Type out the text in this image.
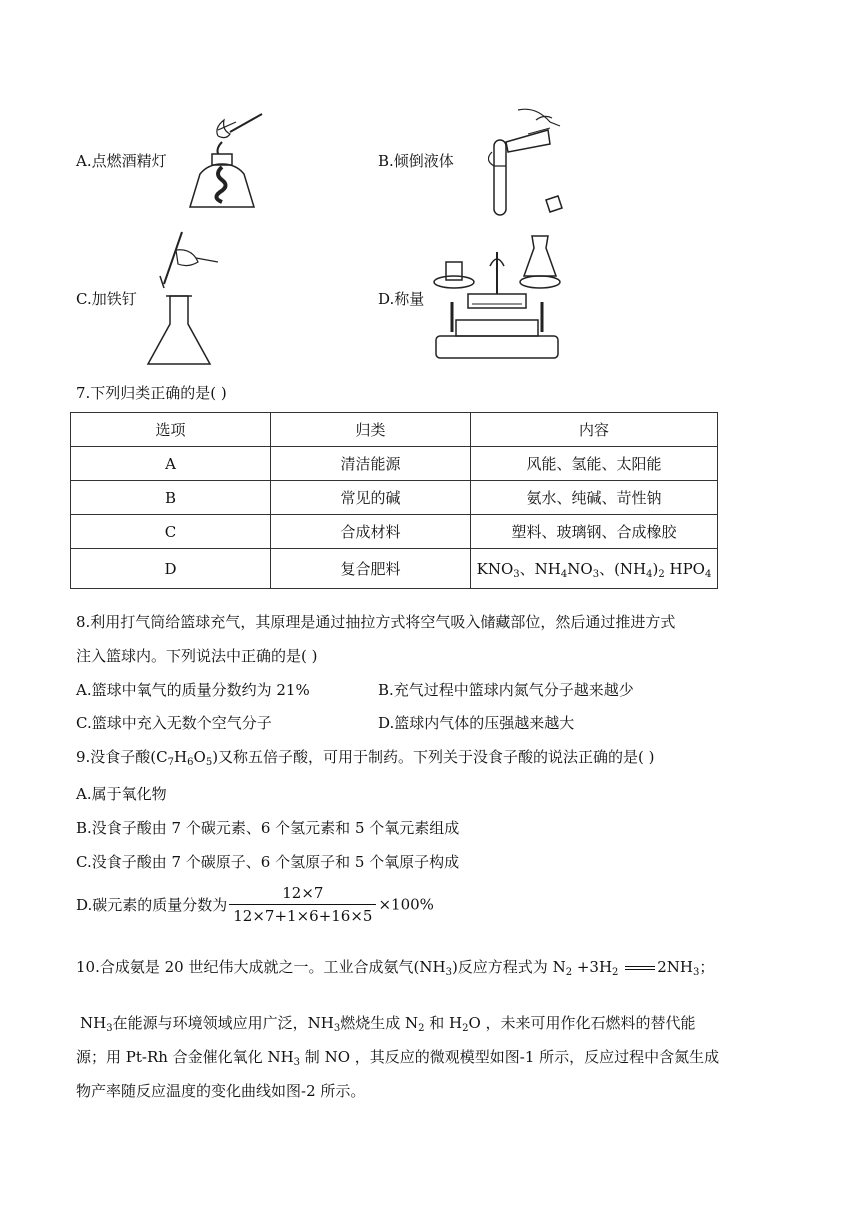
A.点燃酒精灯	B.倾倒液体
C.加铁钉	D.称量
7.下列归类正确的是( )
选项	归类	内容
A	清洁能源	风能、氢能、太阳能
B	常见的碱	氨水、纯碱、苛性钠
C	合成材料	塑料、玻璃钢、合成橡胶
D	复合肥料	$KNO_3$、$NH_4NO_3$、$(NH_4)_2$ $HPO_4$
8.利用打气筒给篮球充气，其原理是通过抽拉方式将空气吸入储藏部位，然后通过推进方式
注入篮球内。下列说法中正确的是( )
A.篮球中氧气的质量分数约为 21%	B.充气过程中篮球内氮气分子越来越少
C.篮球中充入无数个空气分子	D.篮球内气体的压强越来越大
9.没食子酸$(C_7H_6O_5)$又称五倍子酸，可用于制药。下列关于没食子酸的说法正确的是( )
A.属于氧化物
B.没食子酸由 7 个碳元素、6 个氢元素和 5 个氧元素组成
C.没食子酸由 7 个碳原子、6 个氢原子和 5 个氧原子构成
D.碳元素的质量分数为 $\frac{12\times 7}{12\times 7+1\times 6+16\times 5} \times 100\%$
10.合成氨是 20 世纪伟大成就之一。工业合成氨气$(NH_3)$反应方程式为 $N_2 +3H_2$	$2NH_3$；
$NH_3$在能源与环境领域应用广泛，$NH_3$燃烧生成 $N_2$ 和 $H_2O$ ，未来可用作化石燃料的替代能
源；用 Pt-Rh 合金催化氧化 $NH_3$ 制 NO ，其反应的微观模型如图-1 所示，反应过程中含氮生成
物产率随反应温度的变化曲线如图-2 所示。
